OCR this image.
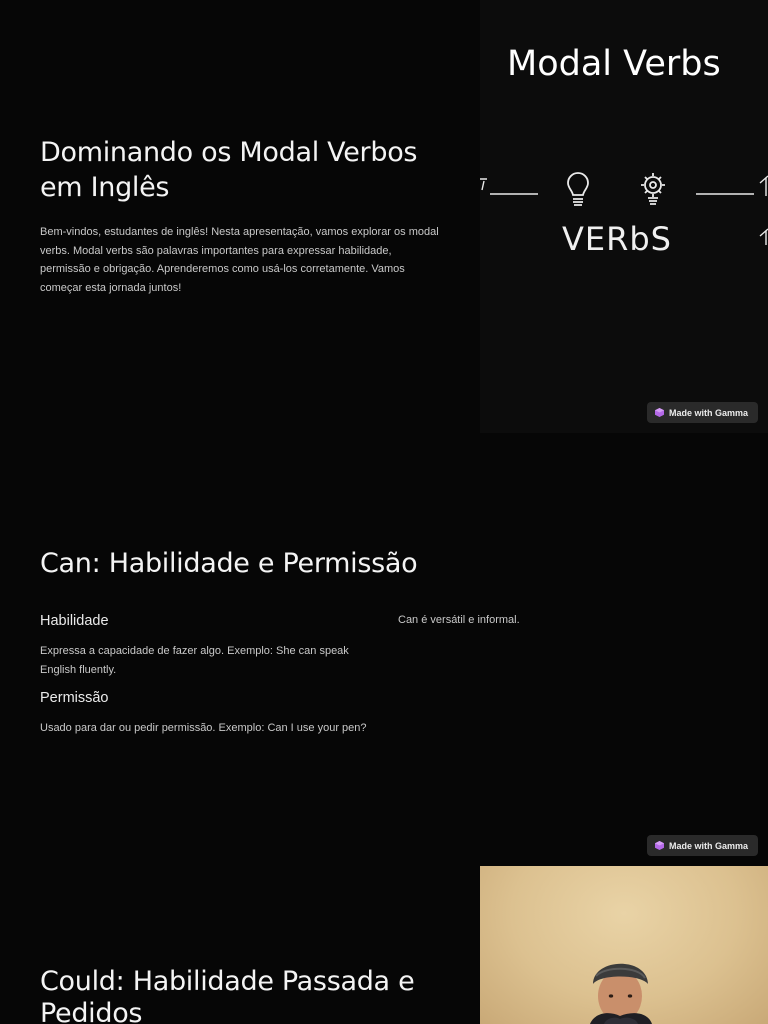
Dominando os Modal Verbos em Inglês

Bem-vindos, estudantes de inglês! Nesta apresentação, vamos explorar os modal verbs. Modal verbs são palavras importantes para expressar habilidade, permissão e obrigação. Aprenderemos como usá-los corretamente. Vamos começar esta jornada juntos!

Modal Verbs
VERbS
Made with Gamma
Can: Habilidade e Permissão
Habilidade

Expressa a capacidade de fazer algo. Exemplo: She can speak English fluently.

Permissão

Usado para dar ou pedir permissão. Exemplo: Can I use your pen?

Can é versátil e informal.

Made with Gamma
Could: Habilidade Passada e Pedidos
